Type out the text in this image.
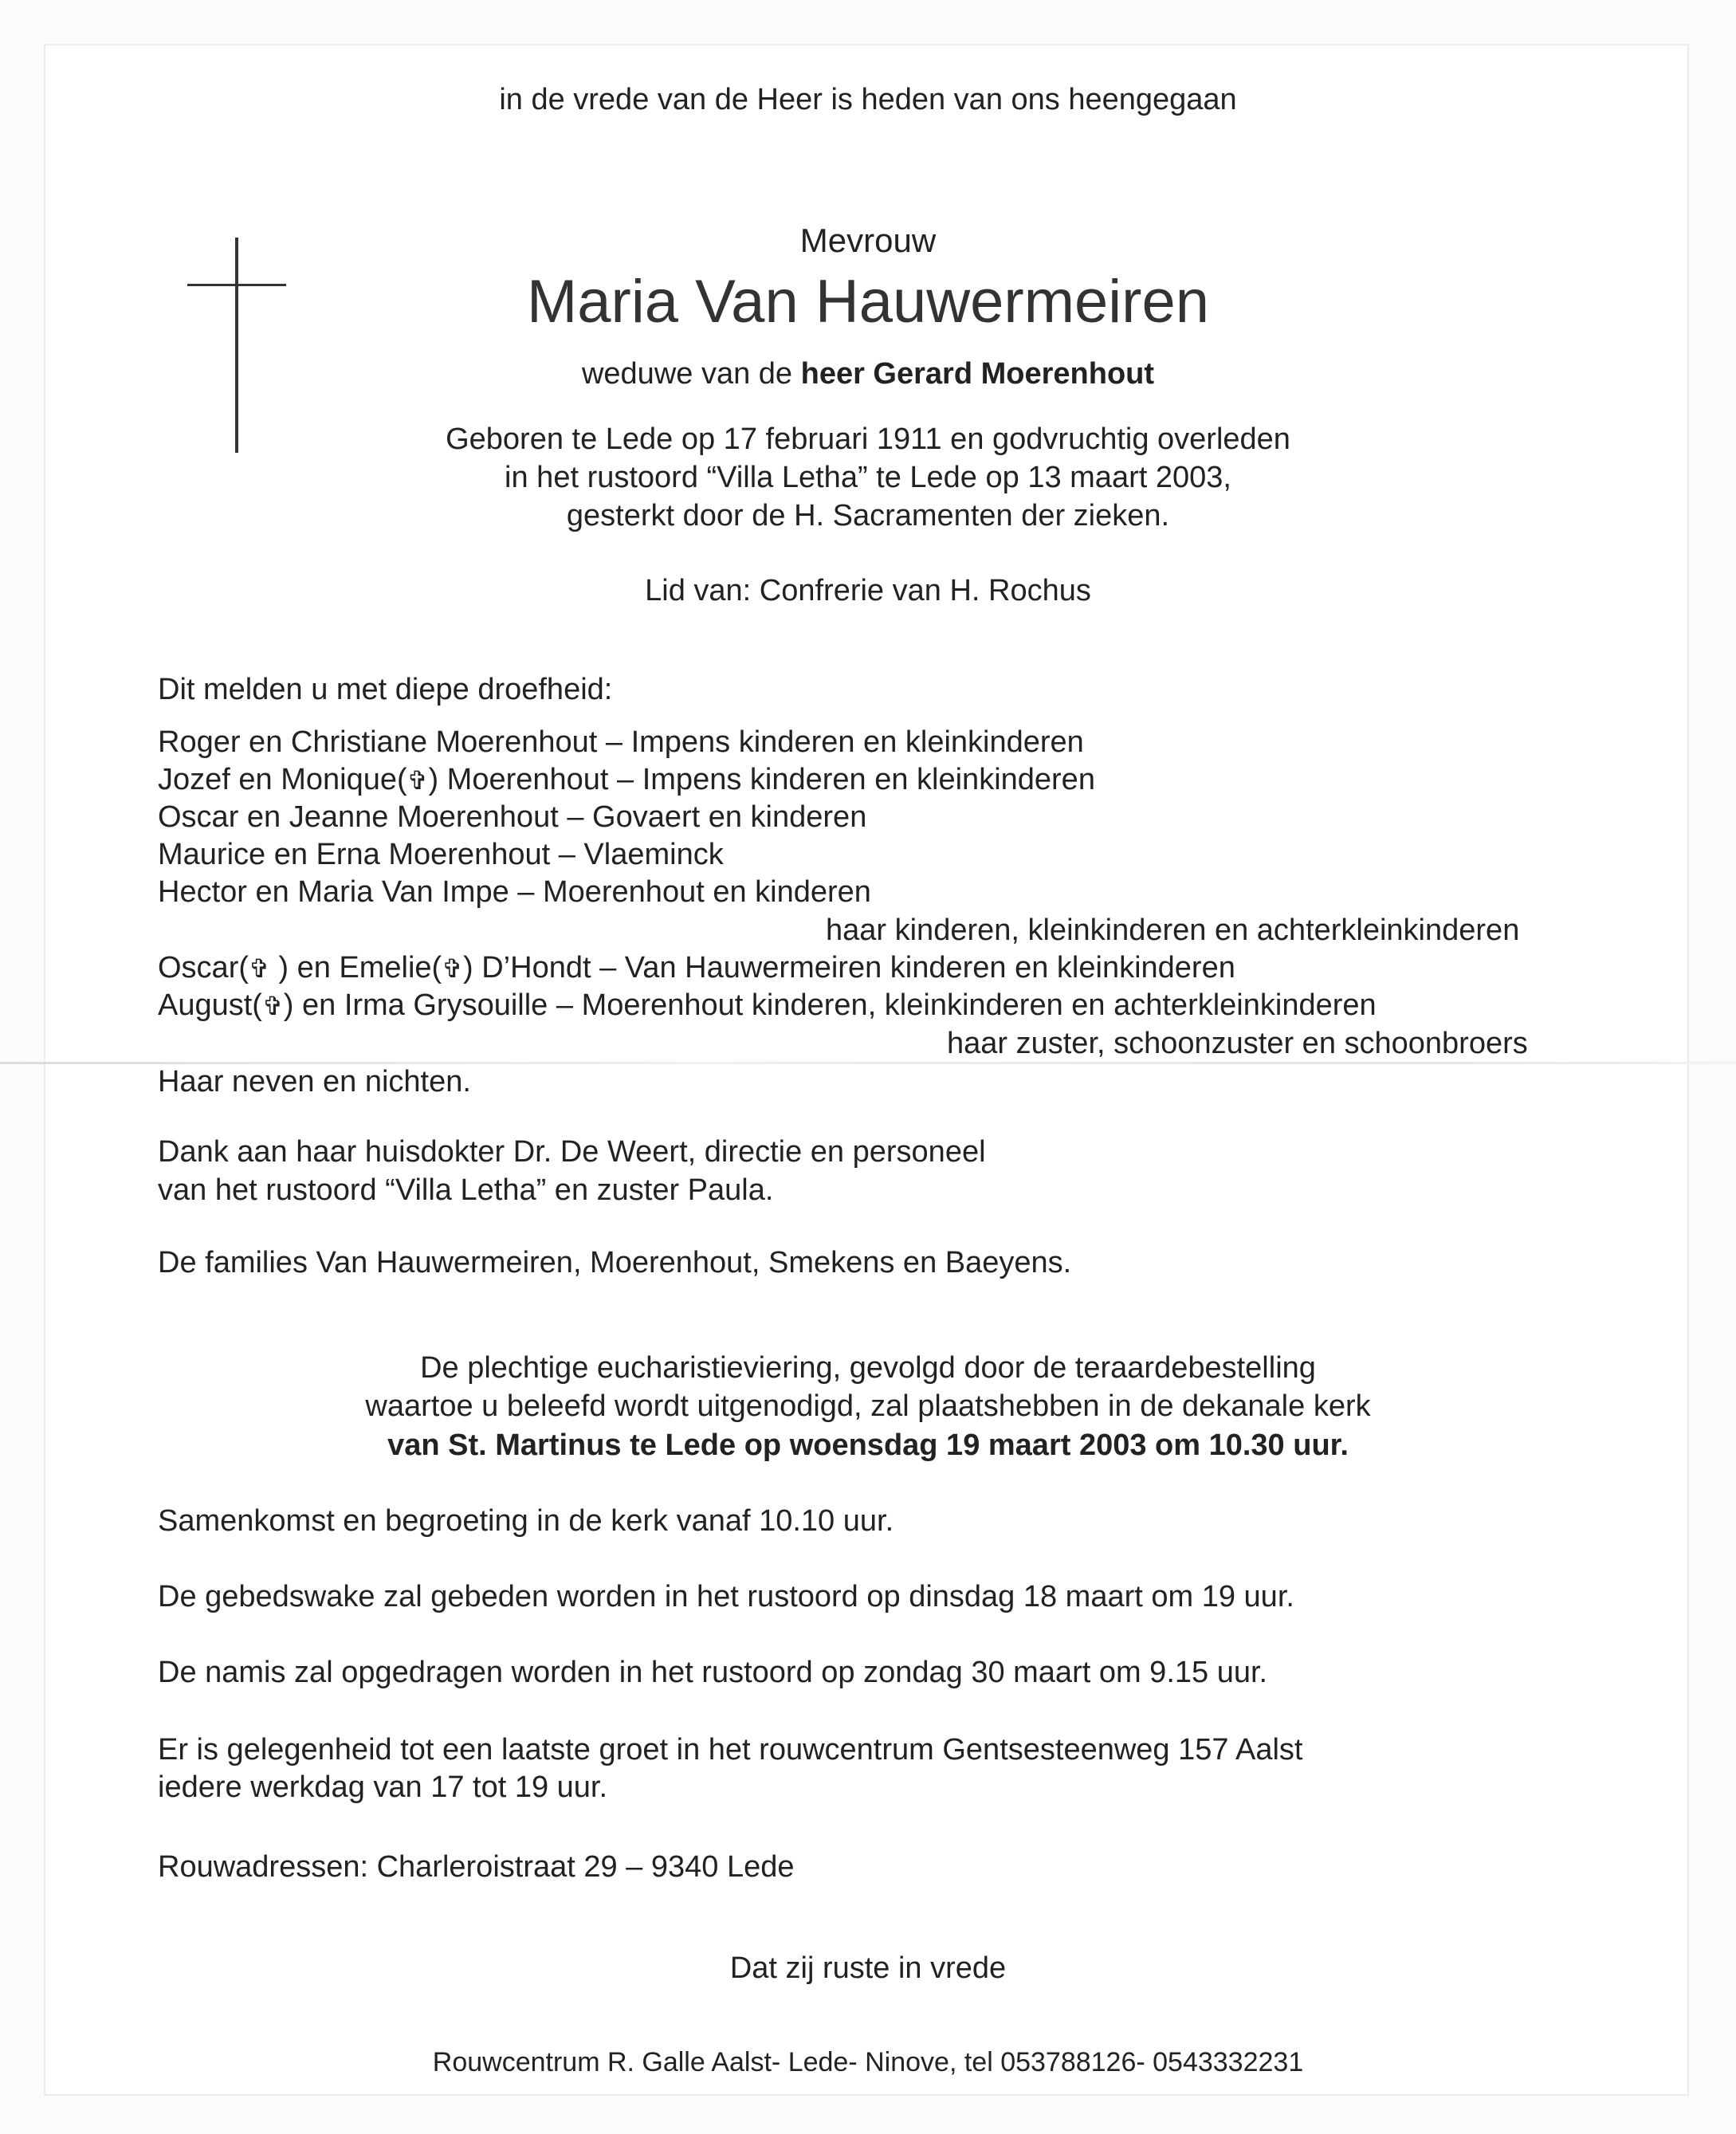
in de vrede van de Heer is heden van ons heengegaan
Mevrouw
Maria Van Hauwermeiren
weduwe van de heer Gerard Moerenhout
Geboren te Lede op 17 februari 1911 en godvruchtig overleden
in het rustoord “Villa Letha” te Lede op 13 maart 2003,
gesterkt door de H. Sacramenten der zieken.
Lid van: Confrerie van H. Rochus
Dit melden u met diepe droefheid:
Roger en Christiane Moerenhout – Impens kinderen en kleinkinderen
Jozef en Monique(✞) Moerenhout – Impens kinderen en kleinkinderen
Oscar en Jeanne Moerenhout – Govaert en kinderen
Maurice en Erna Moerenhout – Vlaeminck
Hector en Maria Van Impe – Moerenhout en kinderen
haar kinderen, kleinkinderen en achterkleinkinderen
Oscar(✞ ) en Emelie(✞) D’Hondt – Van Hauwermeiren kinderen en kleinkinderen
August(✞) en Irma Grysouille – Moerenhout kinderen, kleinkinderen en achterkleinkinderen
haar zuster, schoonzuster en schoonbroers
Haar neven en nichten.
Dank aan haar huisdokter Dr. De Weert, directie en personeel
van het rustoord “Villa Letha” en zuster Paula.
De families Van Hauwermeiren, Moerenhout, Smekens en Baeyens.
De plechtige eucharistieviering, gevolgd door de teraardebestelling
waartoe u beleefd wordt uitgenodigd, zal plaatshebben in de dekanale kerk
van St. Martinus te Lede op woensdag 19 maart 2003 om 10.30 uur.
Samenkomst en begroeting in de kerk vanaf 10.10 uur.
De gebedswake zal gebeden worden in het rustoord op dinsdag 18 maart om 19 uur.
De namis zal opgedragen worden in het rustoord op zondag 30 maart om 9.15 uur.
Er is gelegenheid tot een laatste groet in het rouwcentrum Gentsesteenweg 157 Aalst
iedere werkdag van 17 tot 19 uur.
Rouwadressen: Charleroistraat 29 – 9340 Lede
Dat zij ruste in vrede
Rouwcentrum R. Galle Aalst- Lede- Ninove, tel 053788126- 0543332231
